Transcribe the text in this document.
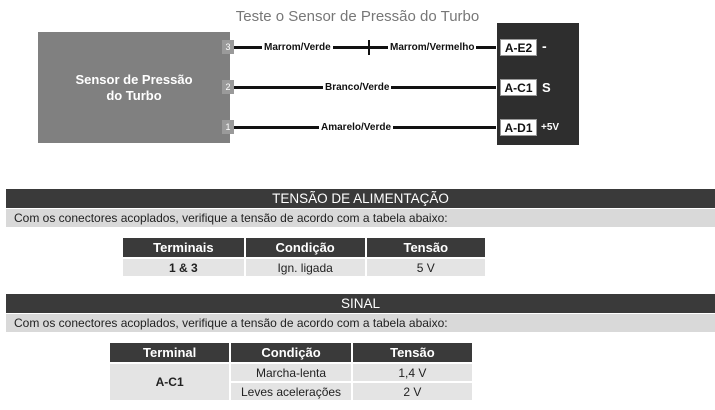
Teste o Sensor de Pressão do Turbo
Sensor de Pressão
do Turbo
3
2
1
Marrom/Verde	Marrom/Vermelho
Branco/Verde
Amarelo/Verde
A-E2
A-C1
A-D1
-
S
+5V
TENSÃO DE ALIMENTAÇÃO
Com os conectores acoplados, verifique a tensão de acordo com a tabela abaixo:
Terminais	Condição	Tensão
1 & 3	Ign. ligada	5 V
SINAL
Com os conectores acoplados, verifique a tensão de acordo com a tabela abaixo:
Terminal	Condição	Tensão
A-C1	Marcha-lenta	1,4 V
	Leves acelerações	2 V
